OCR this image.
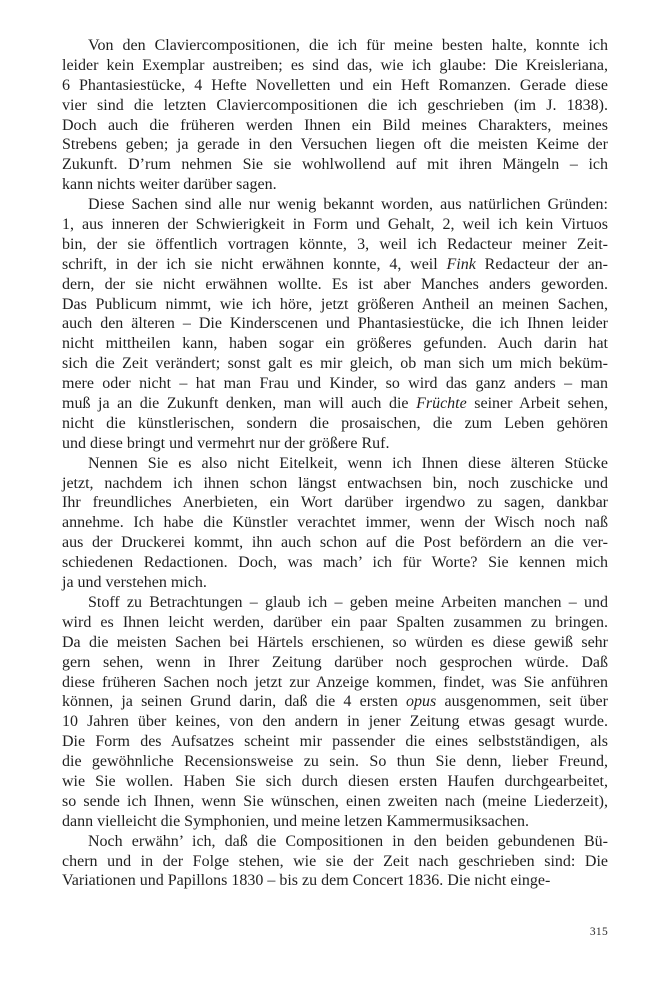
Von den Claviercompositionen, die ich für meine besten halte, konnte ich
leider kein Exemplar austreiben; es sind das, wie ich glaube: Die Kreisleriana,
6 Phantasiestücke, 4 Hefte Novelletten und ein Heft Romanzen. Gerade diese
vier sind die letzten Claviercompositionen die ich geschrieben (im J. 1838).
Doch auch die früheren werden Ihnen ein Bild meines Charakters, meines
Strebens geben; ja gerade in den Versuchen liegen oft die meisten Keime der
Zukunft. D’rum nehmen Sie sie wohlwollend auf mit ihren Mängeln – ich
kann nichts weiter darüber sagen.
Diese Sachen sind alle nur wenig bekannt worden, aus natürlichen Gründen:
1, aus inneren der Schwierigkeit in Form und Gehalt, 2, weil ich kein Virtuos
bin, der sie öffentlich vortragen könnte, 3, weil ich Redacteur meiner Zeit-
schrift, in der ich sie nicht erwähnen konnte, 4, weil Fink Redacteur der an-
dern, der sie nicht erwähnen wollte. Es ist aber Manches anders geworden.
Das Publicum nimmt, wie ich höre, jetzt größeren Antheil an meinen Sachen,
auch den älteren – Die Kinderscenen und Phantasiestücke, die ich Ihnen leider
nicht mittheilen kann, haben sogar ein größeres gefunden. Auch darin hat
sich die Zeit verändert; sonst galt es mir gleich, ob man sich um mich beküm-
mere oder nicht – hat man Frau und Kinder, so wird das ganz anders – man
muß ja an die Zukunft denken, man will auch die Früchte seiner Arbeit sehen,
nicht die künstlerischen, sondern die prosaischen, die zum Leben gehören
und diese bringt und vermehrt nur der größere Ruf.
Nennen Sie es also nicht Eitelkeit, wenn ich Ihnen diese älteren Stücke
jetzt, nachdem ich ihnen schon längst entwachsen bin, noch zuschicke und
Ihr freundliches Anerbieten, ein Wort darüber irgendwo zu sagen, dankbar
annehme. Ich habe die Künstler verachtet immer, wenn der Wisch noch naß
aus der Druckerei kommt, ihn auch schon auf die Post befördern an die ver-
schiedenen Redactionen. Doch, was mach’ ich für Worte? Sie kennen mich
ja und verstehen mich.
Stoff zu Betrachtungen – glaub ich – geben meine Arbeiten manchen – und
wird es Ihnen leicht werden, darüber ein paar Spalten zusammen zu bringen.
Da die meisten Sachen bei Härtels erschienen, so würden es diese gewiß sehr
gern sehen, wenn in Ihrer Zeitung darüber noch gesprochen würde. Daß
diese früheren Sachen noch jetzt zur Anzeige kommen, findet, was Sie anführen
können, ja seinen Grund darin, daß die 4 ersten opus ausgenommen, seit über
10 Jahren über keines, von den andern in jener Zeitung etwas gesagt wurde.
Die Form des Aufsatzes scheint mir passender die eines selbstständigen, als
die gewöhnliche Recensionsweise zu sein. So thun Sie denn, lieber Freund,
wie Sie wollen. Haben Sie sich durch diesen ersten Haufen durchgearbeitet,
so sende ich Ihnen, wenn Sie wünschen, einen zweiten nach (meine Liederzeit),
dann vielleicht die Symphonien, und meine letzen Kammermusiksachen.
Noch erwähn’ ich, daß die Compositionen in den beiden gebundenen Bü-
chern und in der Folge stehen, wie sie der Zeit nach geschrieben sind: Die
Variationen und Papillons 1830 – bis zu dem Concert 1836. Die nicht einge-
315
